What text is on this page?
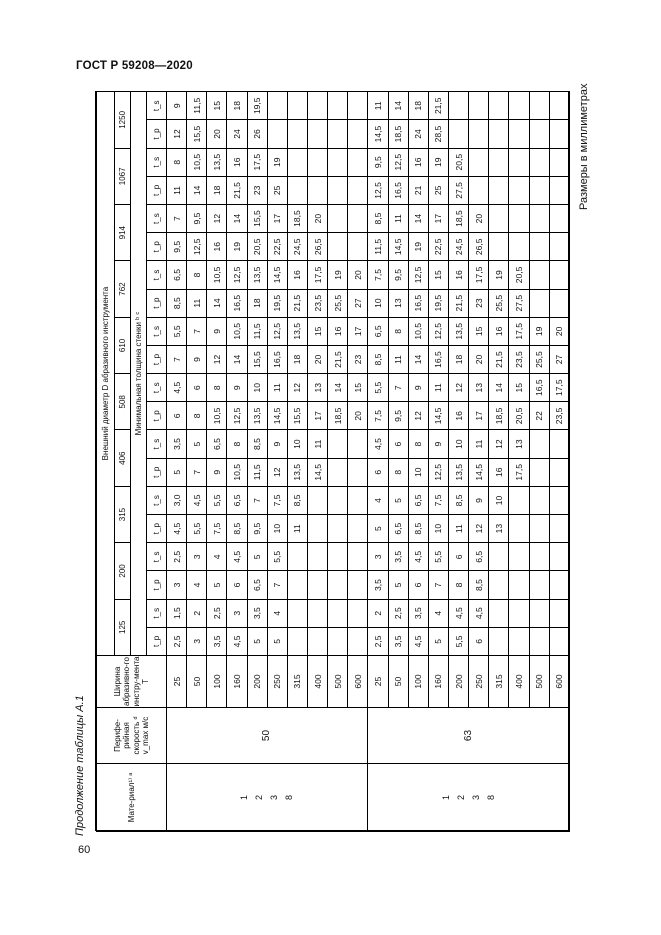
ГОСТ Р 59208—2020
Продолжение таблицы А.1
Размеры в миллиметрах
60
Мате-риал¹⁾ ᵃ	Перифе-рийная скорость ᵈ v_max м/с	Ширина абразивно-го инстру-мента T	Внешний диаметр D абразивного инструмента																			
			125		200		315		406		508		610		762		914		1067		1250	
			Минимальная толщина стенки ᵇ ᶜ																			
			t_p	t_s	t_p	t_s	t_p	t_s	t_p	t_s	t_p	t_s	t_p	t_s	t_p	t_s	t_p	t_s	t_p	t_s	t_p	t_s

1 2 3 8	50	25	2,5	1,5	3	2,5	4,5	3,0	5	3,5	6	4,5	7	5,5	8,5	6,5	9,5	7	11	8	12	9
		50	3	2	4	3	5,5	4,5	7	5	8	6	9	7	11	8	12,5	9,5	14	10,5	15,5	11,5
		100	3,5	2,5	5	4	7,5	5,5	9	6,5	10,5	8	12	9	14	10,5	16	12	18	13,5	20	15
		160	4,5	3	6	4,5	8,5	6,5	10,5	8	12,5	9	14	10,5	16,5	12,5	19	14	21,5	16	24	18
		200	5	3,5	6,5	5	9,5	7	11,5	8,5	13,5	10	15,5	11,5	18	13,5	20,5	15,5	23	17,5	26	19,5
		250	5	4	7	5,5	10	7,5	12	9	14,5	11	16,5	12,5	19,5	14,5	22,5	17	25	19		
		315					11	8,5	13,5	10	15,5	12	18	13,5	21,5	16	24,5	18,5				
		400							14,5	11	17	13	20	15	23,5	17,5	26,5	20				
		500									18,5	14	21,5	16	25,5	19						
		600									20	15	23	17	27	20						

1 2 3 8	63	25	2,5	2	3,5	3	5	4	6	4,5	7,5	5,5	8,5	6,5	10	7,5	11,5	8,5	12,5	9,5	14,5	11
		50	3,5	2,5	5	3,5	6,5	5	8	6	9,5	7	11	8	13	9,5	14,5	11	16,5	12,5	18,5	14
		100	4,5	3,5	6	4,5	8,5	6,5	10	8	12	9	14	10,5	16,5	12,5	19	14	21	16	24	18
		160	5	4	7	5,5	10	7,5	12,5	9	14,5	11	16,5	12,5	19,5	15	22,5	17	25	19	28,5	21,5
		200	5,5	4,5	8	6	11	8,5	13,5	10	16	12	18	13,5	21,5	16	24,5	18,5	27,5	20,5		
		250	6	4,5	8,5	6,5	12	9	14,5	11	17	13	20	15	23	17,5	26,5	20				
		315					13	10	16	12	18,5	14	21,5	16	25,5	19						
		400							17,5	13	20,5	15	23,5	17,5	27,5	20,5						
		500									22	16,5	25,5	19								
		600									23,5	17,5	27	20								
